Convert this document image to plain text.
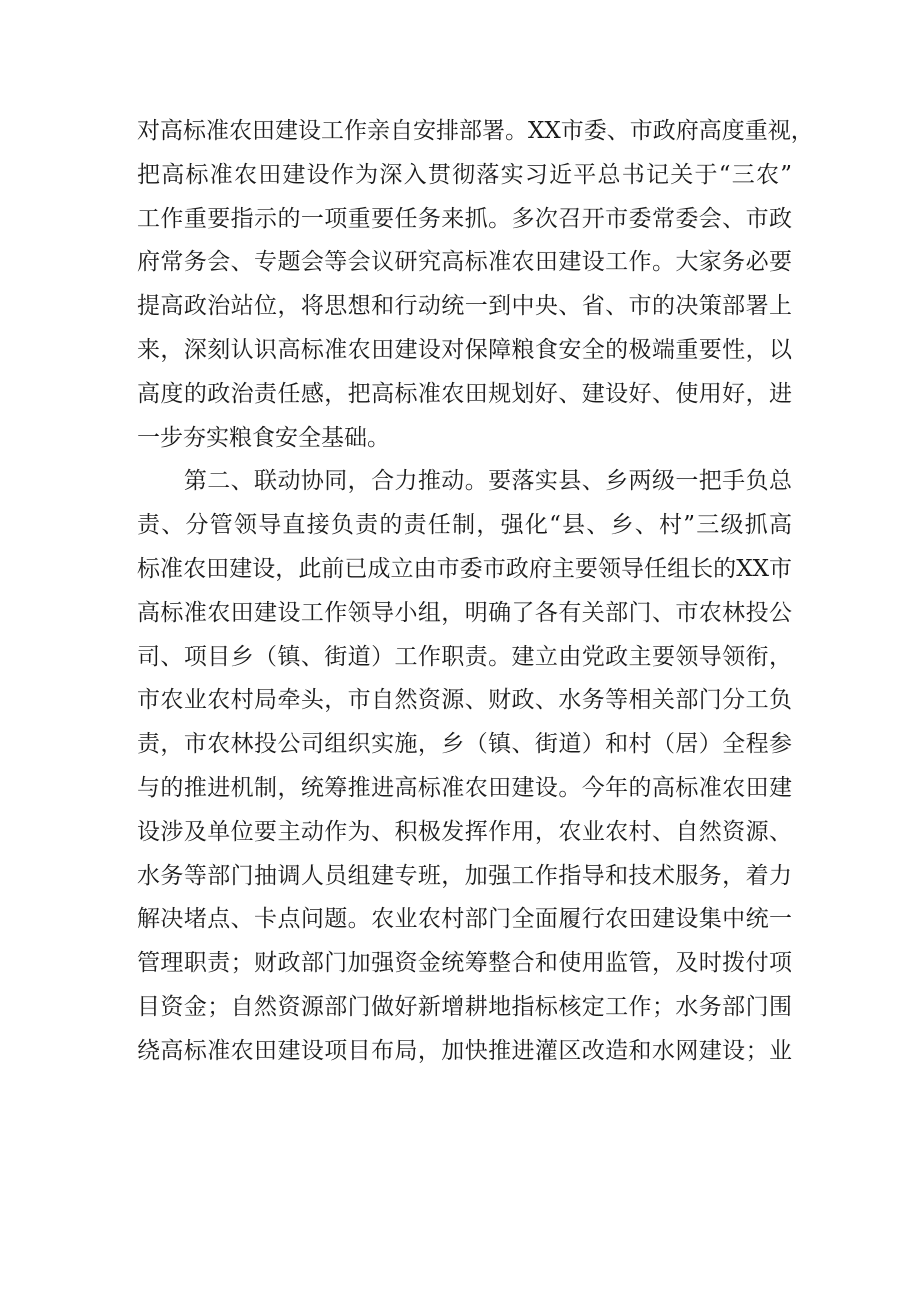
对高标准农田建设工作亲自安排部署。XX市委、市政府高度重视，
把高标准农田建设作为深入贯彻落实习近平总书记关于“三农”
工作重要指示的一项重要任务来抓。多次召开市委常委会、市政
府常务会、专题会等会议研究高标准农田建设工作。大家务必要
提高政治站位，将思想和行动统一到中央、省、市的决策部署上
来，深刻认识高标准农田建设对保障粮食安全的极端重要性，以
高度的政治责任感，把高标准农田规划好、建设好、使用好，进
一步夯实粮食安全基础。
　　第二、联动协同，合力推动。要落实县、乡两级一把手负总
责、分管领导直接负责的责任制，强化“县、乡、村”三级抓高
标准农田建设，此前已成立由市委市政府主要领导任组长的XX市
高标准农田建设工作领导小组，明确了各有关部门、市农林投公
司、项目乡（镇、街道）工作职责。建立由党政主要领导领衔，
市农业农村局牵头，市自然资源、财政、水务等相关部门分工负
责，市农林投公司组织实施，乡（镇、街道）和村（居）全程参
与的推进机制，统筹推进高标准农田建设。今年的高标准农田建
设涉及单位要主动作为、积极发挥作用，农业农村、自然资源、
水务等部门抽调人员组建专班，加强工作指导和技术服务，着力
解决堵点、卡点问题。农业农村部门全面履行农田建设集中统一
管理职责；财政部门加强资金统筹整合和使用监管，及时拨付项
目资金；自然资源部门做好新增耕地指标核定工作；水务部门围
绕高标准农田建设项目布局，加快推进灌区改造和水网建设；业
